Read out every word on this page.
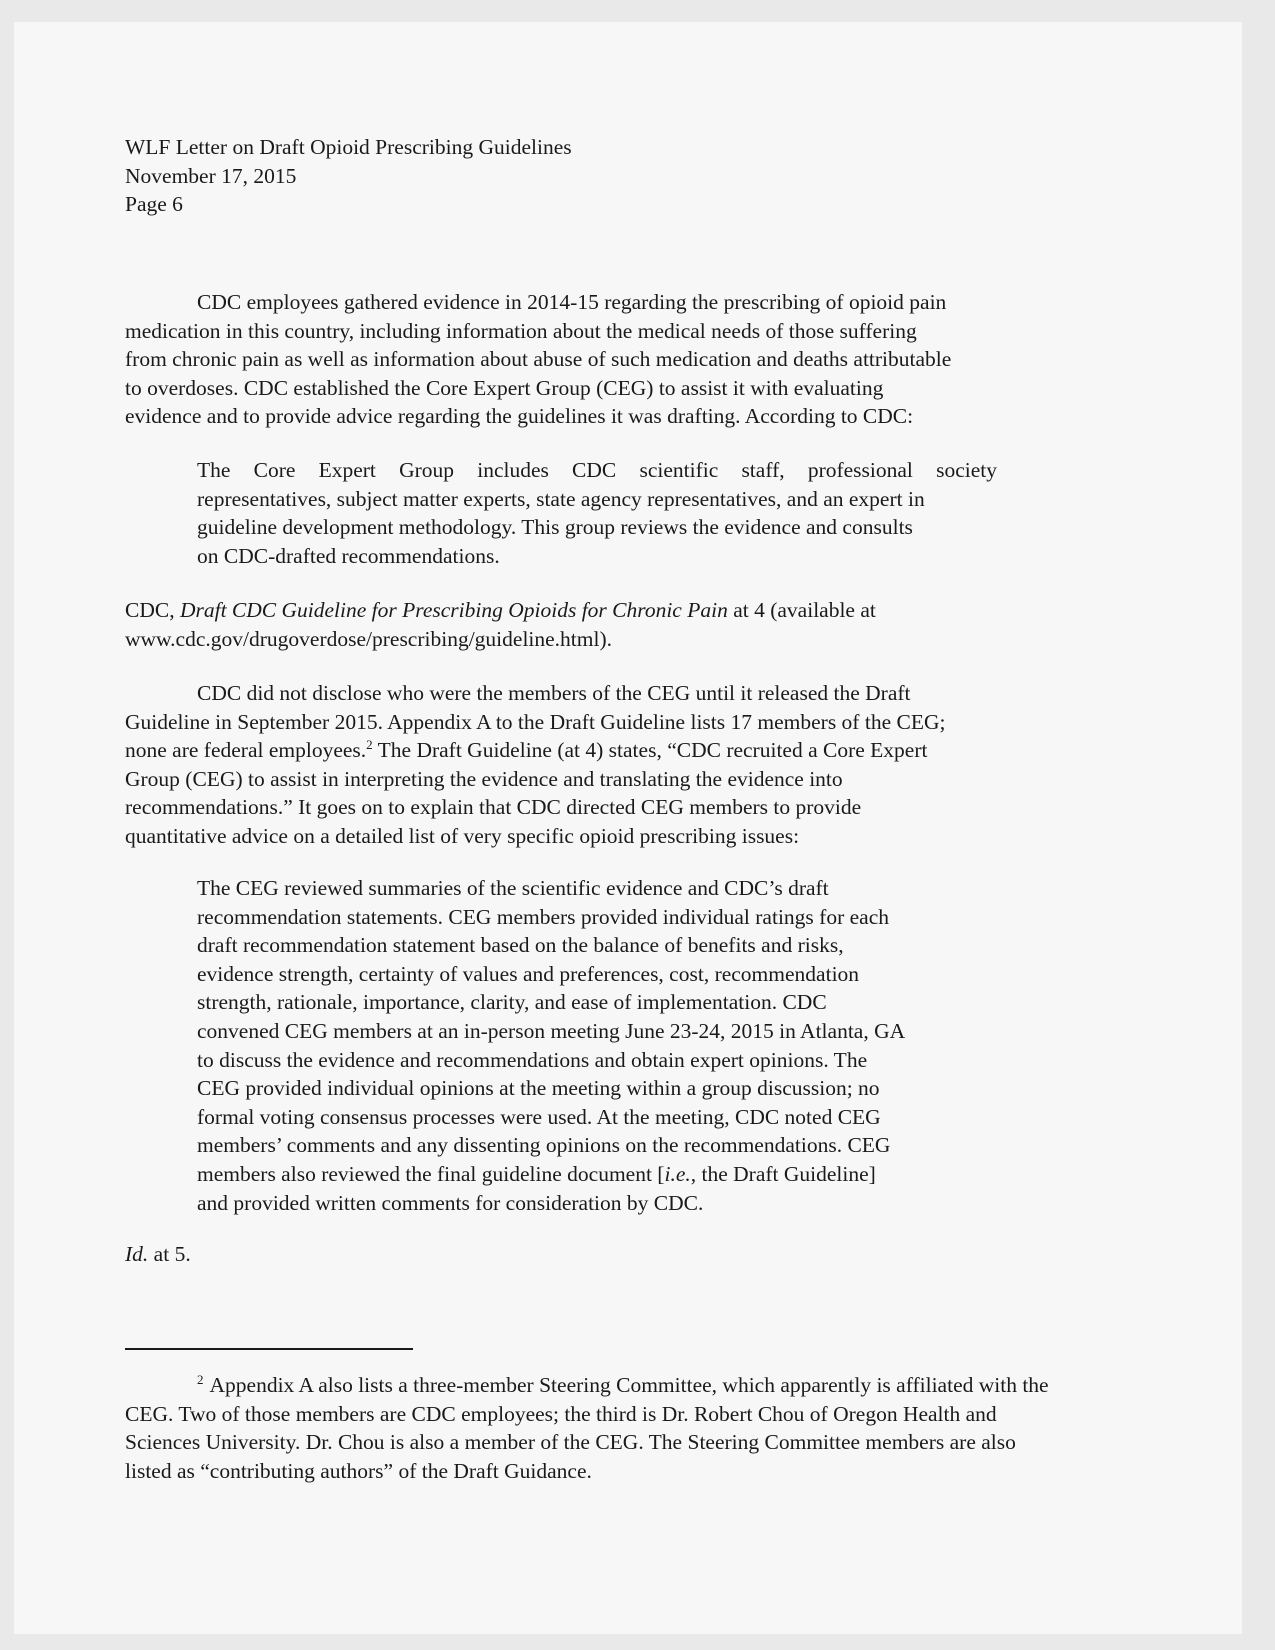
WLF Letter on Draft Opioid Prescribing Guidelines
November 17, 2015
Page 6
CDC employees gathered evidence in 2014-15 regarding the prescribing of opioid pain
medication in this country, including information about the medical needs of those suffering
from chronic pain as well as information about abuse of such medication and deaths attributable
to overdoses. CDC established the Core Expert Group (CEG) to assist it with evaluating
evidence and to provide advice regarding the guidelines it was drafting. According to CDC:
The Core Expert Group includes CDC scientific staff, professional society
representatives, subject matter experts, state agency representatives, and an expert in
guideline development methodology. This group reviews the evidence and consults
on CDC-drafted recommendations.
CDC, Draft CDC Guideline for Prescribing Opioids for Chronic Pain at 4 (available at
www.cdc.gov/drugoverdose/prescribing/guideline.html).
CDC did not disclose who were the members of the CEG until it released the Draft
Guideline in September 2015. Appendix A to the Draft Guideline lists 17 members of the CEG;
none are federal employees.$^2$ The Draft Guideline (at 4) states, “CDC recruited a Core Expert
Group (CEG) to assist in interpreting the evidence and translating the evidence into
recommendations.” It goes on to explain that CDC directed CEG members to provide
quantitative advice on a detailed list of very specific opioid prescribing issues:
The CEG reviewed summaries of the scientific evidence and CDC’s draft
recommendation statements. CEG members provided individual ratings for each
draft recommendation statement based on the balance of benefits and risks,
evidence strength, certainty of values and preferences, cost, recommendation
strength, rationale, importance, clarity, and ease of implementation. CDC
convened CEG members at an in-person meeting June 23-24, 2015 in Atlanta, GA
to discuss the evidence and recommendations and obtain expert opinions. The
CEG provided individual opinions at the meeting within a group discussion; no
formal voting consensus processes were used. At the meeting, CDC noted CEG
members’ comments and any dissenting opinions on the recommendations. CEG
members also reviewed the final guideline document [i.e., the Draft Guideline]
and provided written comments for consideration by CDC.
Id. at 5.
$^2$ Appendix A also lists a three-member Steering Committee, which apparently is affiliated with the CEG. Two of those members are CDC employees; the third is Dr. Robert Chou of Oregon Health and Sciences University. Dr. Chou is also a member of the CEG. The Steering Committee members are also listed as “contributing authors” of the Draft Guidance.
